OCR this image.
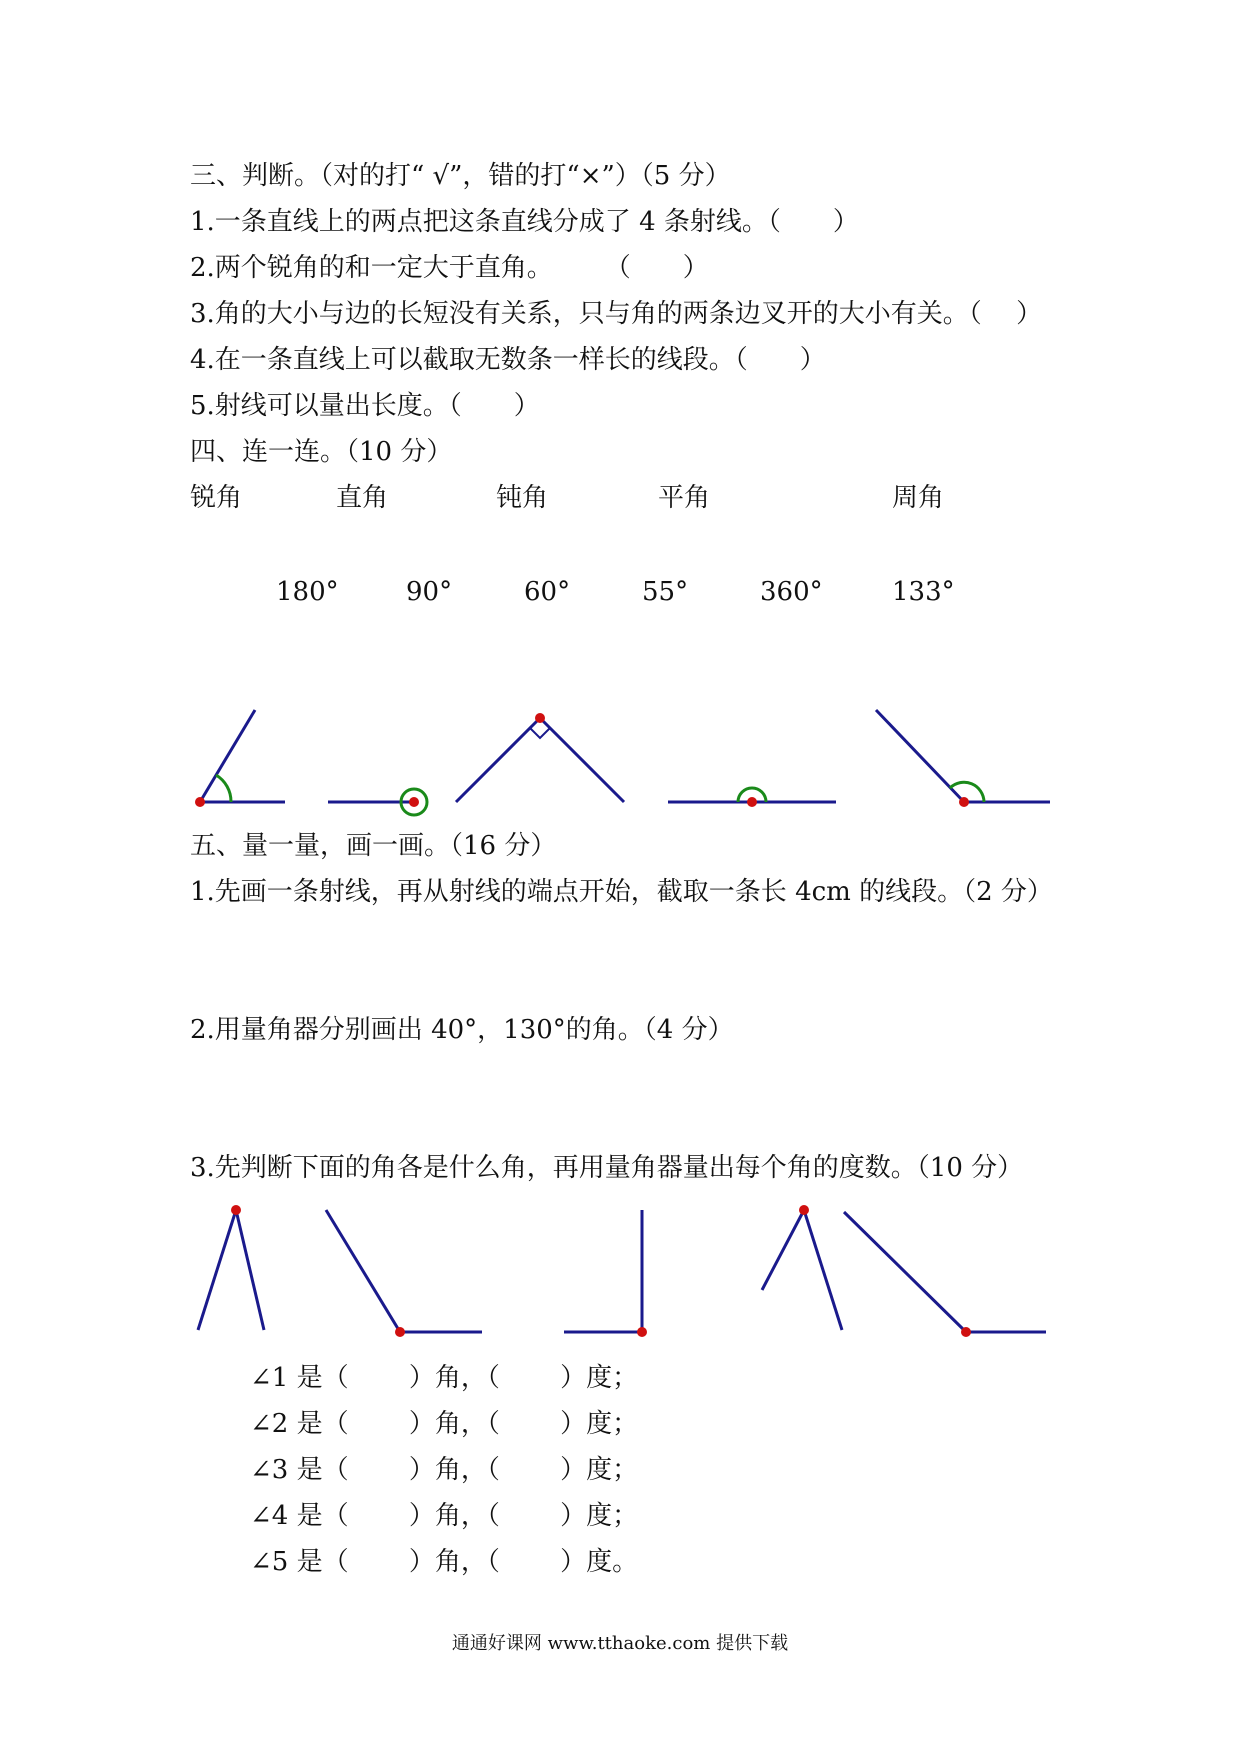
三、判断。（对的打“ √”，错的打“×”）（5 分）
1.一条直线上的两点把这条直线分成了 4 条射线。（　　）
2.两个锐角的和一定大于直角。　　　（　　）
3.角的大小与边的长短没有关系，只与角的两条边叉开的大小有关。（　 ）
4.在一条直线上可以截取无数条一样长的线段。（　　）
5.射线可以量出长度。（　　）
四、连一连。（10 分）
锐角	直角	钝角	平角	周角
180°	90°	60°	55°	360°	133°
五、量一量，画一画。（16 分）
1.先画一条射线，再从射线的端点开始，截取一条长 4cm 的线段。（2 分）
2.用量角器分别画出 40°，130°的角。（4 分）
3.先判断下面的角各是什么角，再用量角器量出每个角的度数。（10 分）
∠1 是（　　 ）角，（　　 ）度；
∠2 是（　　 ）角，（　　 ）度；
∠3 是（　　 ）角，（　　 ）度；
∠4 是（　　 ）角，（　　 ）度；
∠5 是（　　 ）角，（　　 ）度。
通通好课网 www.tthaoke.com 提供下载
